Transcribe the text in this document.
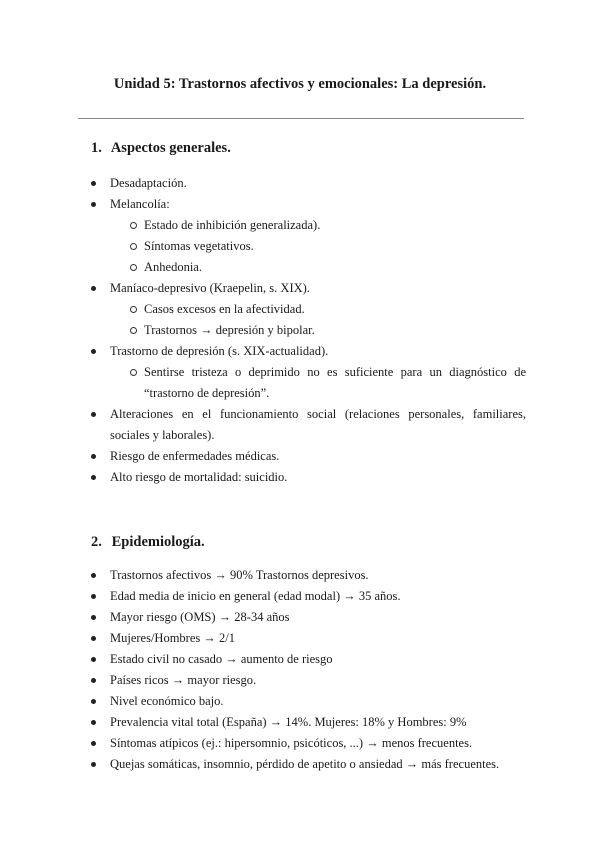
Unidad 5: Trastornos afectivos y emocionales: La depresión.
1. Aspectos generales.
Desadaptación.
Melancolía:
Estado de inhibición generalizada).
Síntomas vegetativos.
Anhedonia.
Maníaco-depresivo (Kraepelin, s. XIX).
Casos excesos en la afectividad.
Trastornos → depresión y bipolar.
Trastorno de depresión (s. XIX-actualidad).
Sentirse tristeza o deprimido no es suficiente para un diagnóstico de “trastorno de depresión”.
Alteraciones en el funcionamiento social (relaciones personales, familiares, sociales y laborales).
Riesgo de enfermedades médicas.
Alto riesgo de mortalidad: suicidio.
2. Epidemiología.
Trastornos afectivos → 90% Trastornos depresivos.
Edad media de inicio en general (edad modal) → 35 años.
Mayor riesgo (OMS) → 28-34 años
Mujeres/Hombres → 2/1
Estado civil no casado → aumento de riesgo
Países ricos → mayor riesgo.
Nivel económico bajo.
Prevalencia vital total (España) → 14%. Mujeres: 18% y Hombres: 9%
Síntomas atípicos (ej.: hipersomnio, psicóticos, ...) → menos frecuentes.
Quejas somáticas, insomnio, pérdido de apetito o ansiedad → más frecuentes.
